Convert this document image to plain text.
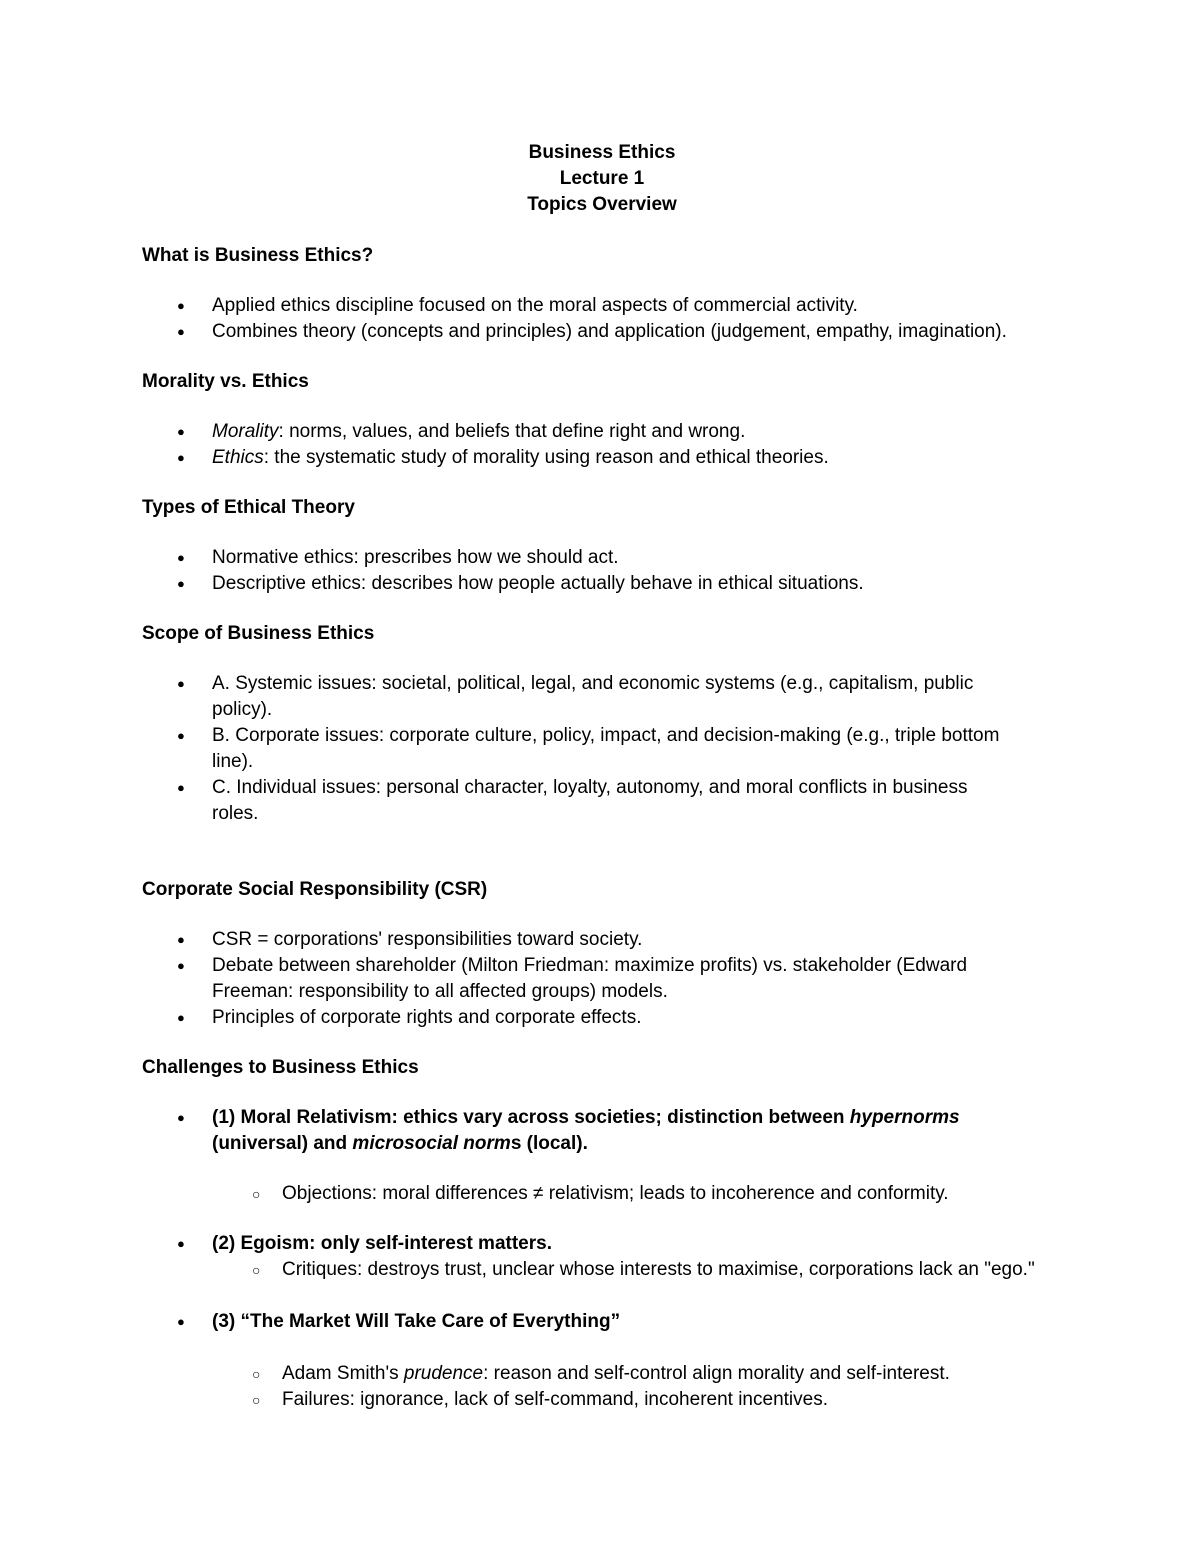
Business Ethics
Lecture 1
Topics Overview
What is Business Ethics?
● Applied ethics discipline focused on the moral aspects of commercial activity.
● Combines theory (concepts and principles) and application (judgement, empathy, imagination).
Morality vs. Ethics
● Morality: norms, values, and beliefs that define right and wrong.
● Ethics: the systematic study of morality using reason and ethical theories.
Types of Ethical Theory
● Normative ethics: prescribes how we should act.
● Descriptive ethics: describes how people actually behave in ethical situations.
Scope of Business Ethics
● A. Systemic issues: societal, political, legal, and economic systems (e.g., capitalism, public policy).
● B. Corporate issues: corporate culture, policy, impact, and decision-making (e.g., triple bottom line).
● C. Individual issues: personal character, loyalty, autonomy, and moral conflicts in business roles.
Corporate Social Responsibility (CSR)
● CSR = corporations' responsibilities toward society.
● Debate between shareholder (Milton Friedman: maximize profits) vs. stakeholder (Edward Freeman: responsibility to all affected groups) models.
● Principles of corporate rights and corporate effects.
Challenges to Business Ethics
● (1) Moral Relativism: ethics vary across societies; distinction between hypernorms (universal) and microsocial norms (local).
○ Objections: moral differences ≠ relativism; leads to incoherence and conformity.
● (2) Egoism: only self-interest matters.
○ Critiques: destroys trust, unclear whose interests to maximise, corporations lack an "ego."
● (3) “The Market Will Take Care of Everything”
○ Adam Smith's prudence: reason and self-control align morality and self-interest.
○ Failures: ignorance, lack of self-command, incoherent incentives.
